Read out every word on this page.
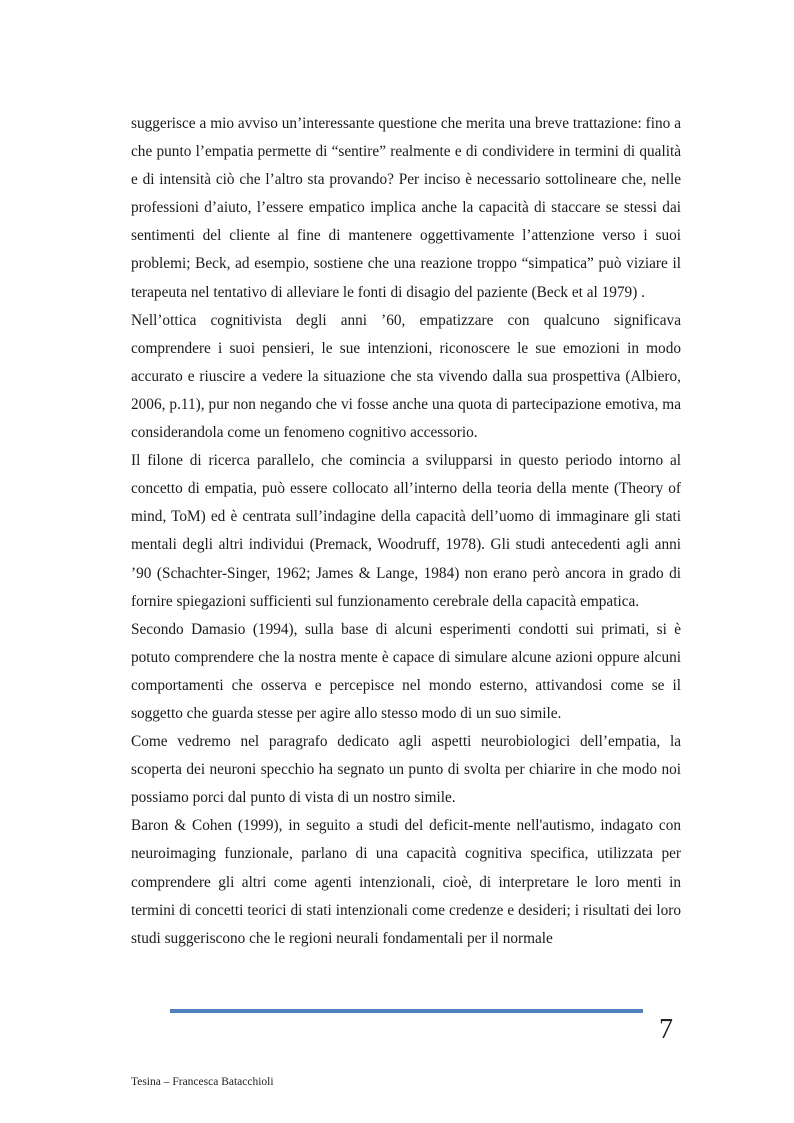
suggerisce a mio avviso un’interessante questione che merita una breve trattazione: fino a che punto l’empatia permette di “sentire” realmente e di condividere in termini di qualità e di intensità ciò che l’altro sta provando? Per inciso è necessario sottolineare che, nelle professioni d’aiuto, l’essere empatico implica anche la capacità di staccare se stessi dai sentimenti del cliente al fine di mantenere oggettivamente l’attenzione verso i suoi problemi; Beck, ad esempio, sostiene che una reazione troppo “simpatica” può viziare il terapeuta nel tentativo di alleviare le fonti di disagio del paziente (Beck et al 1979) .

Nell’ottica cognitivista degli anni ’60, empatizzare con qualcuno significava comprendere i suoi pensieri, le sue intenzioni, riconoscere le sue emozioni in modo accurato e riuscire a vedere la situazione che sta vivendo dalla sua prospettiva (Albiero, 2006, p.11), pur non negando che vi fosse anche una quota di partecipazione emotiva, ma considerandola come un fenomeno cognitivo accessorio.

Il filone di ricerca parallelo, che comincia a svilupparsi in questo periodo intorno al concetto di empatia, può essere collocato all’interno della teoria della mente (Theory of mind, ToM) ed è centrata sull’indagine della capacità dell’uomo di immaginare gli stati mentali degli altri individui (Premack, Woodruff, 1978). Gli studi antecedenti agli anni ’90 (Schachter-Singer, 1962; James & Lange, 1984) non erano però ancora in grado di fornire spiegazioni sufficienti sul funzionamento cerebrale della capacità empatica.

Secondo Damasio (1994), sulla base di alcuni esperimenti condotti sui primati, si è potuto comprendere che la nostra mente è capace di simulare alcune azioni oppure alcuni comportamenti che osserva e percepisce nel mondo esterno, attivandosi come se il soggetto che guarda stesse per agire allo stesso modo di un suo simile.

Come vedremo nel paragrafo dedicato agli aspetti neurobiologici dell’empatia, la scoperta dei neuroni specchio ha segnato un punto di svolta per chiarire in che modo noi possiamo porci dal punto di vista di un nostro simile.

Baron & Cohen (1999), in seguito a studi del deficit-mente nell'autismo, indagato con neuroimaging funzionale, parlano di una capacità cognitiva specifica, utilizzata per comprendere gli altri come agenti intenzionali, cioè, di interpretare le loro menti in termini di concetti teorici di stati intenzionali come credenze e desideri; i risultati dei loro studi suggeriscono che le regioni neurali fondamentali per il normale

7
Tesina – Francesca Batacchioli
